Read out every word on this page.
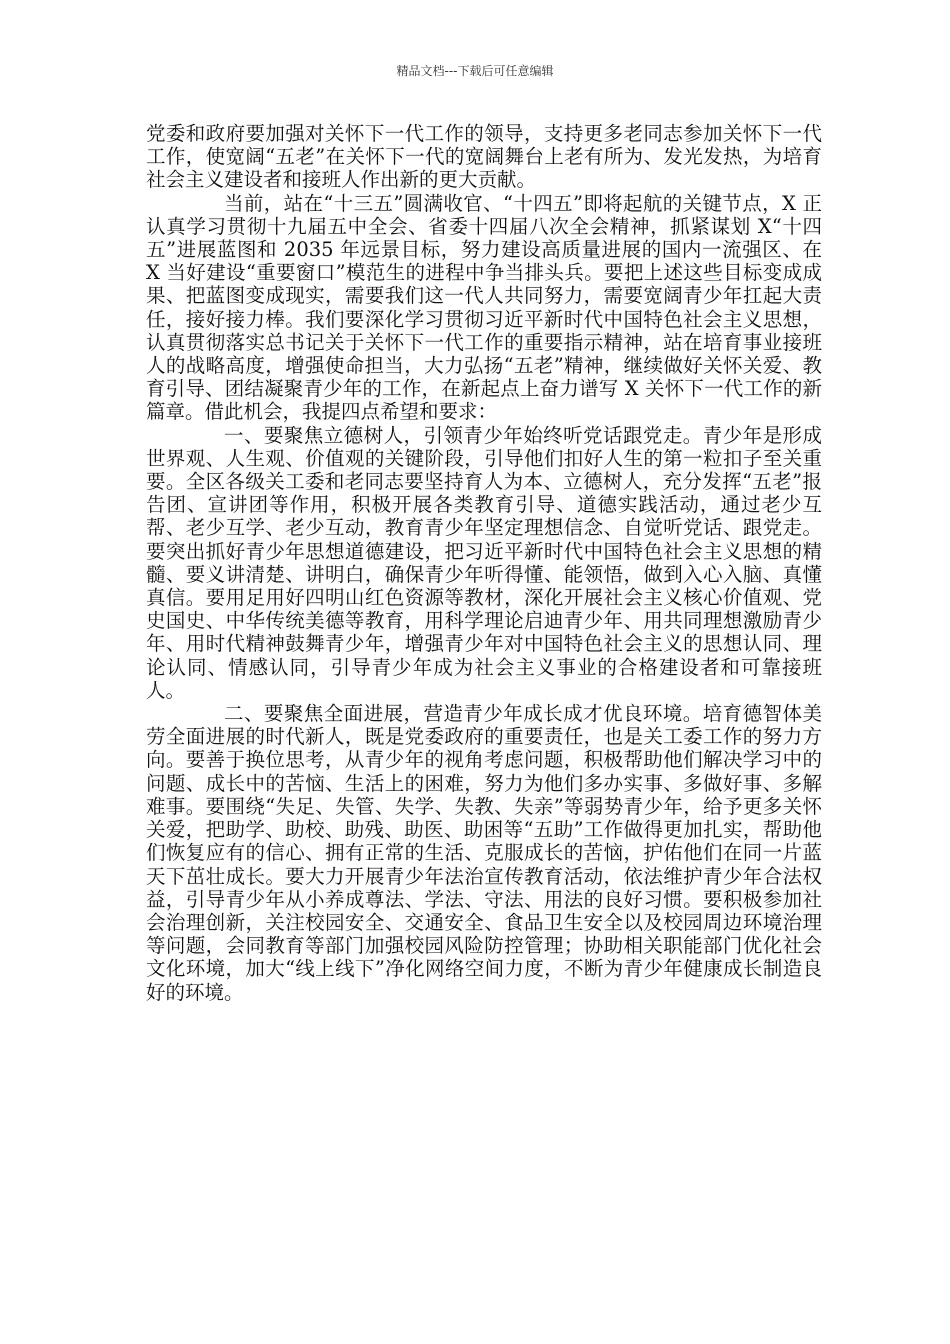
精品文档---下载后可任意编辑

党委和政府要加强对关怀下一代工作的领导，支持更多老同志参加关怀下一代工作，使宽阔“五老”在关怀下一代的宽阔舞台上老有所为、发光发热，为培育社会主义建设者和接班人作出新的更大贡献。

当前，站在“十三五”圆满收官、“十四五”即将起航的关键节点，X 正认真学习贯彻十九届五中全会、省委十四届八次全会精神，抓紧谋划 X“十四五”进展蓝图和 2035 年远景目标，努力建设高质量进展的国内一流强区、在 X 当好建设“重要窗口”模范生的进程中争当排头兵。要把上述这些目标变成成果、把蓝图变成现实，需要我们这一代人共同努力，需要宽阔青少年扛起大责任，接好接力棒。我们要深化学习贯彻习近平新时代中国特色社会主义思想，认真贯彻落实总书记关于关怀下一代工作的重要指示精神，站在培育事业接班人的战略高度，增强使命担当，大力弘扬“五老”精神，继续做好关怀关爱、教育引导、团结凝聚青少年的工作，在新起点上奋力谱写 X 关怀下一代工作的新篇章。借此机会，我提四点希望和要求：

一、要聚焦立德树人，引领青少年始终听党话跟党走。青少年是形成世界观、人生观、价值观的关键阶段，引导他们扣好人生的第一粒扣子至关重要。全区各级关工委和老同志要坚持育人为本、立德树人，充分发挥“五老”报告团、宣讲团等作用，积极开展各类教育引导、道德实践活动，通过老少互帮、老少互学、老少互动，教育青少年坚定理想信念、自觉听党话、跟党走。要突出抓好青少年思想道德建设，把习近平新时代中国特色社会主义思想的精髓、要义讲清楚、讲明白，确保青少年听得懂、能领悟，做到入心入脑、真懂真信。要用足用好四明山红色资源等教材，深化开展社会主义核心价值观、党史国史、中华传统美德等教育，用科学理论启迪青少年、用共同理想激励青少年、用时代精神鼓舞青少年，增强青少年对中国特色社会主义的思想认同、理论认同、情感认同，引导青少年成为社会主义事业的合格建设者和可靠接班人。

二、要聚焦全面进展，营造青少年成长成才优良环境。培育德智体美劳全面进展的时代新人，既是党委政府的重要责任，也是关工委工作的努力方向。要善于换位思考，从青少年的视角考虑问题，积极帮助他们解决学习中的问题、成长中的苦恼、生活上的困难，努力为他们多办实事、多做好事、多解难事。要围绕“失足、失管、失学、失教、失亲”等弱势青少年，给予更多关怀关爱，把助学、助校、助残、助医、助困等“五助”工作做得更加扎实，帮助他们恢复应有的信心、拥有正常的生活、克服成长的苦恼，护佑他们在同一片蓝天下茁壮成长。要大力开展青少年法治宣传教育活动，依法维护青少年合法权益，引导青少年从小养成尊法、学法、守法、用法的良好习惯。要积极参加社会治理创新，关注校园安全、交通安全、食品卫生安全以及校园周边环境治理等问题，会同教育等部门加强校园风险防控管理；协助相关职能部门优化社会文化环境，加大“线上线下”净化网络空间力度，不断为青少年健康成长制造良好的环境。
